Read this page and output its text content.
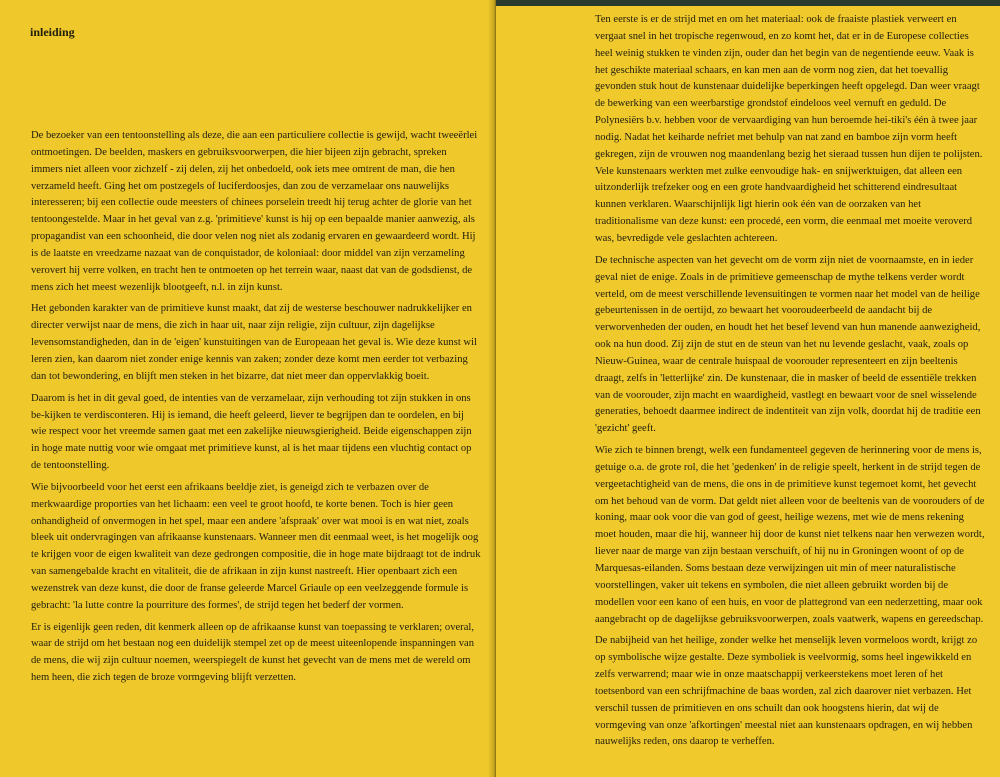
inleiding

De bezoeker van een tentoonstelling als deze, die aan een particuliere collectie is gewijd, wacht tweeërlei ontmoetingen. De beelden, maskers en gebruiksvoorwerpen, die hier bijeen zijn gebracht, spreken immers niet alleen voor zichzelf - zij delen, zij het onbedoeld, ook iets mee omtrent de man, die hen verzameld heeft. Ging het om postzegels of luciferdoosjes, dan zou de verzamelaar ons nauwelijks interesseren; bij een collectie oude meesters of chinees porselein treedt hij terug achter de glorie van het tentoongestelde. Maar in het geval van z.g. 'primitieve' kunst is hij op een bepaalde manier aanwezig, als propagandist van een schoonheid, die door velen nog niet als zodanig ervaren en gewaardeerd wordt. Hij is de laatste en vreedzame nazaat van de conquistador, de koloniaal: door middel van zijn verzameling verovert hij verre volken, en tracht hen te ontmoeten op het terrein waar, naast dat van de godsdienst, de mens zich het meest wezenlijk blootgeeft, n.l. in zijn kunst.

Het gebonden karakter van de primitieve kunst maakt, dat zij de westerse beschouwer nadrukkelijker en directer verwijst naar de mens, die zich in haar uit, naar zijn religie, zijn cultuur, zijn dagelijkse levensomstandigheden, dan in de 'eigen' kunstuitingen van de Europeaan het geval is. Wie deze kunst wil leren zien, kan daarom niet zonder enige kennis van zaken; zonder deze komt men eerder tot verbazing dan tot bewondering, en blijft men steken in het bizarre, dat niet meer dan oppervlakkig boeit.

Daarom is het in dit geval goed, de intenties van de verzamelaar, zijn verhouding tot zijn stukken in ons be-kijken te verdisconteren. Hij is iemand, die heeft geleerd, liever te begrijpen dan te oordelen, en bij wie respect voor het vreemde samen gaat met een zakelijke nieuwsgierigheid. Beide eigenschappen zijn in hoge mate nuttig voor wie omgaat met primitieve kunst, al is het maar tijdens een vluchtig contact op de tentoonstelling.

Wie bijvoorbeeld voor het eerst een afrikaans beeldje ziet, is geneigd zich te verbazen over de merkwaardige proporties van het lichaam: een veel te groot hoofd, te korte benen. Toch is hier geen onhandigheid of onvermogen in het spel, maar een andere 'afspraak' over wat mooi is en wat niet, zoals bleek uit ondervragingen van afrikaanse kunstenaars. Wanneer men dit eenmaal weet, is het mogelijk oog te krijgen voor de eigen kwaliteit van deze gedrongen compositie, die in hoge mate bijdraagt tot de indruk van samengebalde kracht en vitaliteit, die de afrikaan in zijn kunst nastreeft. Hier openbaart zich een wezenstrek van deze kunst, die door de franse geleerde Marcel Griaule op een veelzeggende formule is gebracht: 'la lutte contre la pourriture des formes', de strijd tegen het bederf der vormen.

Er is eigenlijk geen reden, dit kenmerk alleen op de afrikaanse kunst van toepassing te verklaren; overal, waar de strijd om het bestaan nog een duidelijk stempel zet op de meest uiteenlopende inspanningen van de mens, die wij zijn cultuur noemen, weerspiegelt de kunst het gevecht van de mens met de wereld om hem heen, die zich tegen de broze vormgeving blijft verzetten.

Ten eerste is er de strijd met en om het materiaal: ook de fraaiste plastiek verweert en vergaat snel in het tropische regenwoud, en zo komt het, dat er in de Europese collecties heel weinig stukken te vinden zijn, ouder dan het begin van de negentiende eeuw. Vaak is het geschikte materiaal schaars, en kan men aan de vorm nog zien, dat het toevallig gevonden stuk hout de kunstenaar duidelijke beperkingen heeft opgelegd. Dan weer vraagt de bewerking van een weerbarstige grondstof eindeloos veel vernuft en geduld. De Polynesiërs b.v. hebben voor de vervaardiging van hun beroemde hei-tiki's één à twee jaar nodig. Nadat het keiharde nefriet met behulp van nat zand en bamboe zijn vorm heeft gekregen, zijn de vrouwen nog maandenlang bezig het sieraad tussen hun dijen te polijsten. Vele kunstenaars werkten met zulke eenvoudige hak- en snijwerktuigen, dat alleen een uitzonderlijk trefzeker oog en een grote handvaardigheid het schitterend eindresultaat kunnen verklaren. Waarschijnlijk ligt hierin ook één van de oorzaken van het traditionalisme van deze kunst: een procedé, een vorm, die eenmaal met moeite veroverd was, bevredigde vele geslachten achtereen.

De technische aspecten van het gevecht om de vorm zijn niet de voornaamste, en in ieder geval niet de enige. Zoals in de primitieve gemeenschap de mythe telkens verder wordt verteld, om de meest verschillende levensuitingen te vormen naar het model van de heilige gebeurtenissen in de oertijd, zo bewaart het vooroudeerbeeld de aandacht bij de verworvenheden der ouden, en houdt het het besef levend van hun manende aanwezigheid, ook na hun dood. Zij zijn de stut en de steun van het nu levende geslacht, vaak, zoals op Nieuw-Guinea, waar de centrale huispaal de voorouder representeert en zijn beeltenis draagt, zelfs in 'letterlijke' zin. De kunstenaar, die in masker of beeld de essentiële trekken van de voorouder, zijn macht en waardigheid, vastlegt en bewaart voor de snel wisselende generaties, behoedt daarmee indirect de indentiteit van zijn volk, doordat hij de traditie een 'gezicht' geeft.

Wie zich te binnen brengt, welk een fundamenteel gegeven de herinnering voor de mens is, getuige o.a. de grote rol, die het 'gedenken' in de religie speelt, herkent in de strijd tegen de vergeetachtigheid van de mens, die ons in de primitieve kunst tegemoet komt, het gevecht om het behoud van de vorm. Dat geldt niet alleen voor de beeltenis van de voorouders of de koning, maar ook voor die van god of geest, heilige wezens, met wie de mens rekening moet houden, maar die hij, wanneer hij door de kunst niet telkens naar hen verwezen wordt, liever naar de marge van zijn bestaan verschuift, of hij nu in Groningen woont of op de Marquesas-eilanden. Soms bestaan deze verwijzingen uit min of meer naturalistische voorstellingen, vaker uit tekens en symbolen, die niet alleen gebruikt worden bij de modellen voor een kano of een huis, en voor de plattegrond van een nederzetting, maar ook aangebracht op de dagelijkse gebruiksvoorwerpen, zoals vaatwerk, wapens en gereedschap.

De nabijheid van het heilige, zonder welke het menselijk leven vormeloos wordt, krijgt zo op symbolische wijze gestalte. Deze symboliek is veelvormig, soms heel ingewikkeld en zelfs verwarrend; maar wie in onze maatschappij verkeerstekens moet leren of het toetsenbord van een schrijfmachine de baas worden, zal zich daarover niet verbazen. Het verschil tussen de primitieven en ons schuilt dan ook hoogstens hierin, dat wij de vormgeving van onze 'afkortingen' meestal niet aan kunstenaars opdragen, en wij hebben nauwelijks reden, ons daarop te verheffen.
